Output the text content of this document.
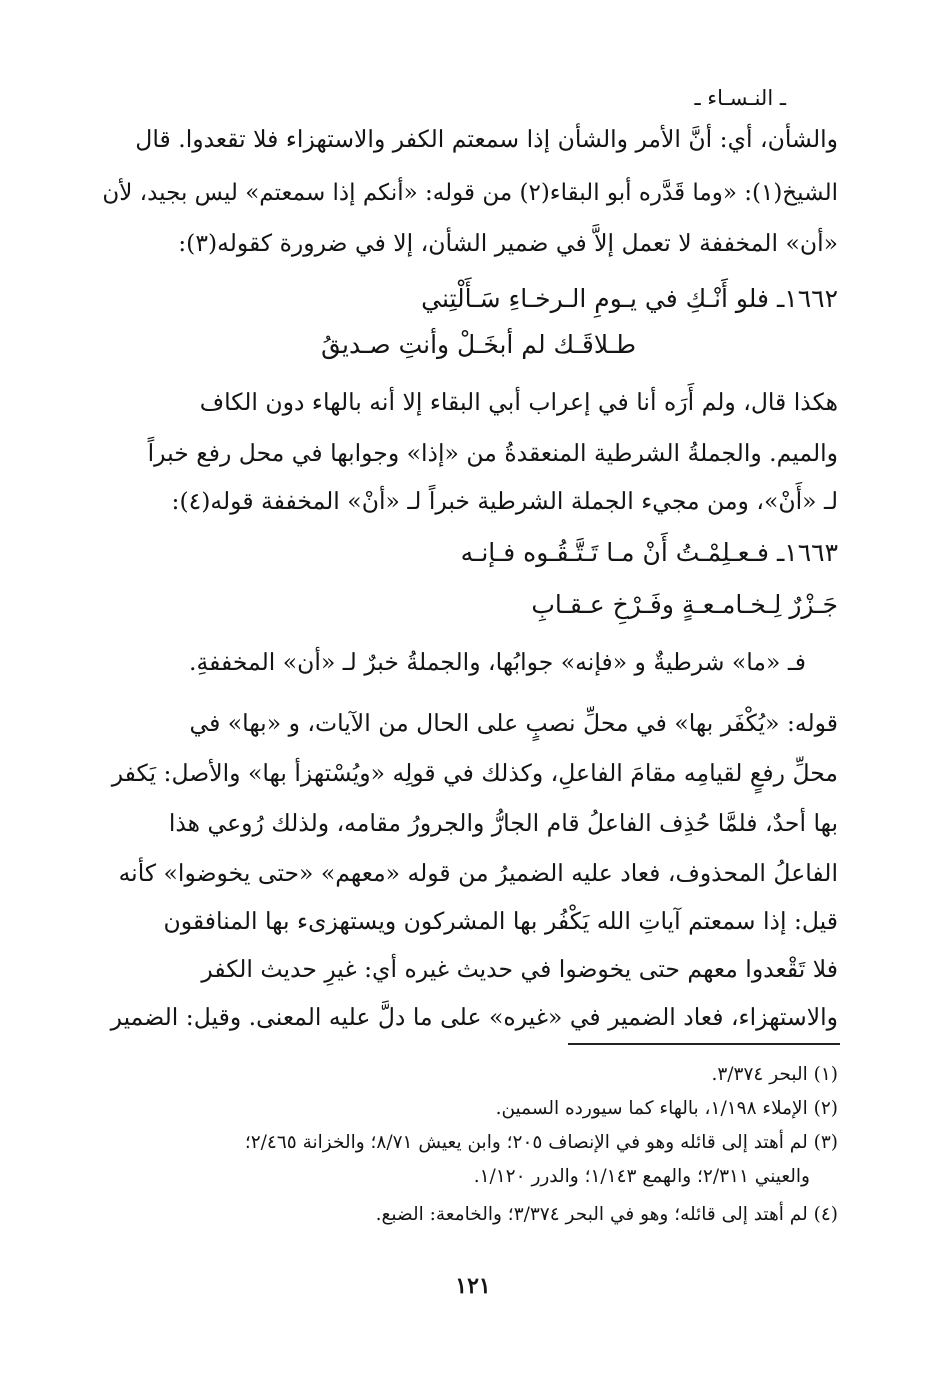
ـ النـسـاء ـ
والشأن، أي: أنَّ الأمر والشأن إذا سمعتم الكفر والاستهزاء فلا تقعدوا. قال
الشيخ(١): «وما قَدَّره أبو البقاء(٢) من قوله: «أنكم إذا سمعتم» ليس بجيد، لأن
«أن» المخففة لا تعمل إلاَّ في ضمير الشأن، إلا في ضرورة كقوله(٣):
١٦٦٢ـ فلو أَنْـكِ في يـومِ الـرخـاءِ سَـأَلْتِني
طـلاقَـك لم أبخَـلْ وأنتِ صـديقُ
هكذا قال، ولم أَرَه أنا في إعراب أبي البقاء إلا أنه بالهاء دون الكاف
والميم. والجملةُ الشرطية المنعقدةُ من «إذا» وجوابها في محل رفع خبراً
لـ «أَنْ»، ومن مجيء الجملة الشرطية خبراً لـ «أنْ» المخففة قوله(٤):
١٦٦٣ـ فـعـلِمْـتُ أَنْ مـا تَـتَّـقُـوه فـإنـه
جَـزْرٌ لِـخـامـعـةٍ وفَـرْخِ عـقـابِ
فـ «ما» شرطيةٌ و «فإنه» جوابُها، والجملةُ خبرٌ لـ «أن» المخففةِ.
قوله: «يُكْفَر بها» في محلِّ نصبٍ على الحال من الآيات، و «بها» في
محلِّ رفعٍ لقيامِه مقامَ الفاعلِ، وكذلك في قولِه «ويُسْتهزأ بها» والأصل: يَكفر
بها أحدٌ، فلمَّا حُذِف الفاعلُ قام الجارُّ والجرورُ مقامه، ولذلك رُوعي هذا
الفاعلُ المحذوف، فعاد عليه الضميرُ من قوله «معهم» «حتى يخوضوا» كأنه
قيل: إذا سمعتم آياتِ الله يَكْفُر بها المشركون ويستهزىء بها المنافقون
فلا تَقْعدوا معهم حتى يخوضوا في حديث غيره أي: غيرِ حديث الكفر
والاستهزاء، فعاد الضمير في «غيره» على ما دلَّ عليه المعنى. وقيل: الضمير
(١) البحر ٣/٣٧٤.
(٢) الإملاء ١/١٩٨، بالهاء كما سيورده السمين.
(٣) لم أهتد إلى قائله وهو في الإنصاف ٢٠٥؛ وابن يعيش ٨/٧١؛ والخزانة ٢/٤٦٥؛
والعيني ٢/٣١١؛ والهمع ١/١٤٣؛ والدرر ١/١٢٠.
(٤) لم أهتد إلى قائله؛ وهو في البحر ٣/٣٧٤؛ والخامعة: الضبع.
١٢١
